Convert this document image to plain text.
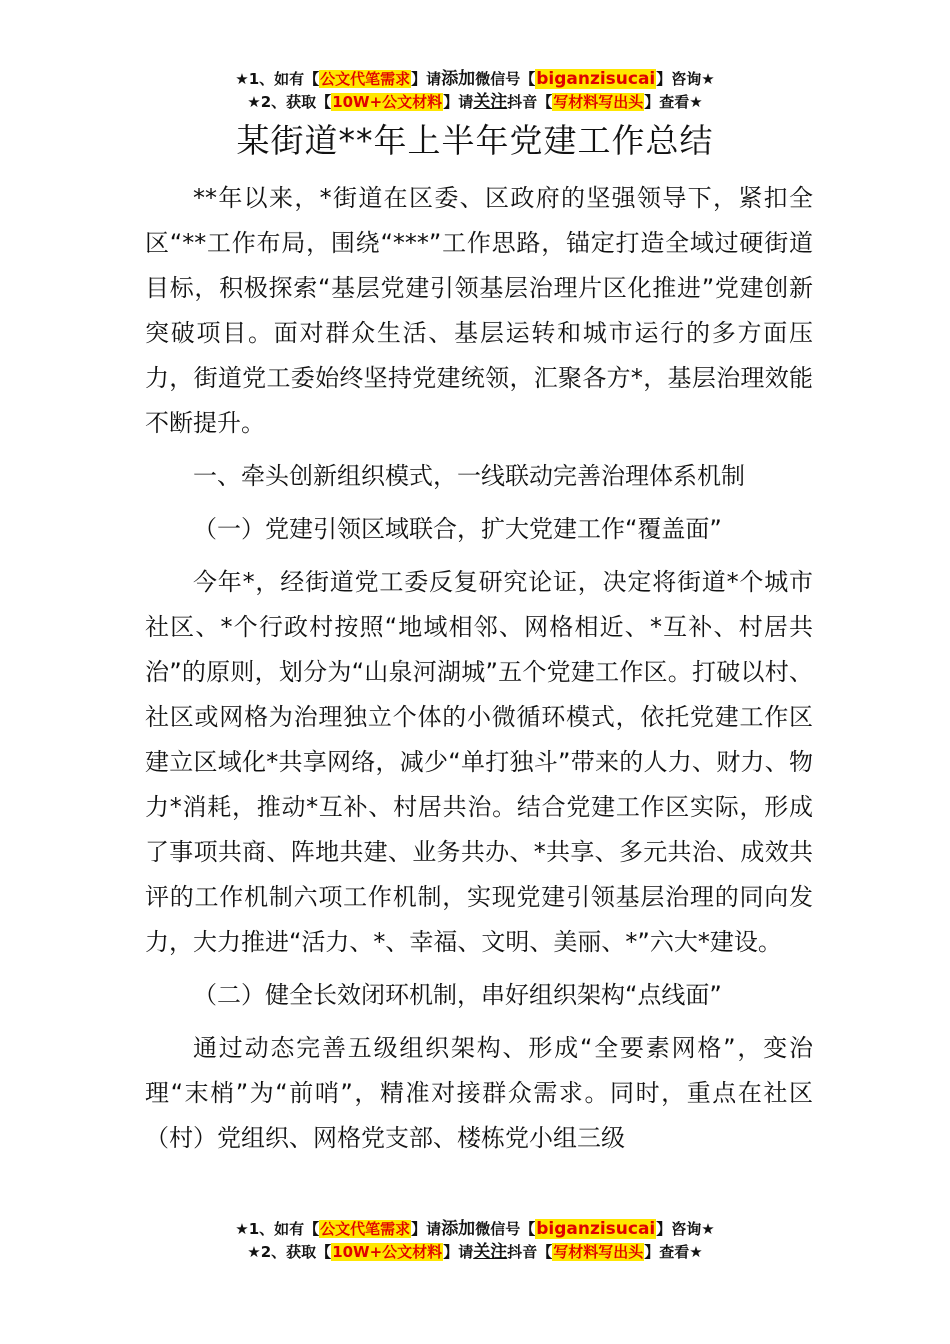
★1、如有【公文代笔需求】请添加微信号【biganzisucai】咨询★
★2、获取【10W+公文材料】请关注抖音【写材料写出头】查看★
某街道**年上半年党建工作总结

**年以来，*街道在区委、区政府的坚强领导下，紧扣全区“**工作布局，围绕“***”工作思路，锚定打造全域过硬街道目标，积极探索“基层党建引领基层治理片区化推进”党建创新突破项目。面对群众生活、基层运转和城市运行的多方面压力，街道党工委始终坚持党建统领，汇聚各方*，基层治理效能不断提升。

一、牵头创新组织模式，一线联动完善治理体系机制

（一）党建引领区域联合，扩大党建工作“覆盖面”

今年*，经街道党工委反复研究论证，决定将街道*个城市社区、*个行政村按照“地域相邻、网格相近、*互补、村居共治”的原则，划分为“山泉河湖城”五个党建工作区。打破以村、社区或网格为治理独立个体的小微循环模式，依托党建工作区建立区域化*共享网络，减少“单打独斗”带来的人力、财力、物力*消耗，推动*互补、村居共治。结合党建工作区实际，形成了事项共商、阵地共建、业务共办、*共享、多元共治、成效共评的工作机制六项工作机制，实现党建引领基层治理的同向发力，大力推进“活力、*、幸福、文明、美丽、*”六大*建设。

（二）健全长效闭环机制，串好组织架构“点线面”

通过动态完善五级组织架构、形成“全要素网格”，变治理“末梢”为“前哨”，精准对接群众需求。同时，重点在社区（村）党组织、网格党支部、楼栋党小组三级

★1、如有【公文代笔需求】请添加微信号【biganzisucai】咨询★
★2、获取【10W+公文材料】请关注抖音【写材料写出头】查看★
